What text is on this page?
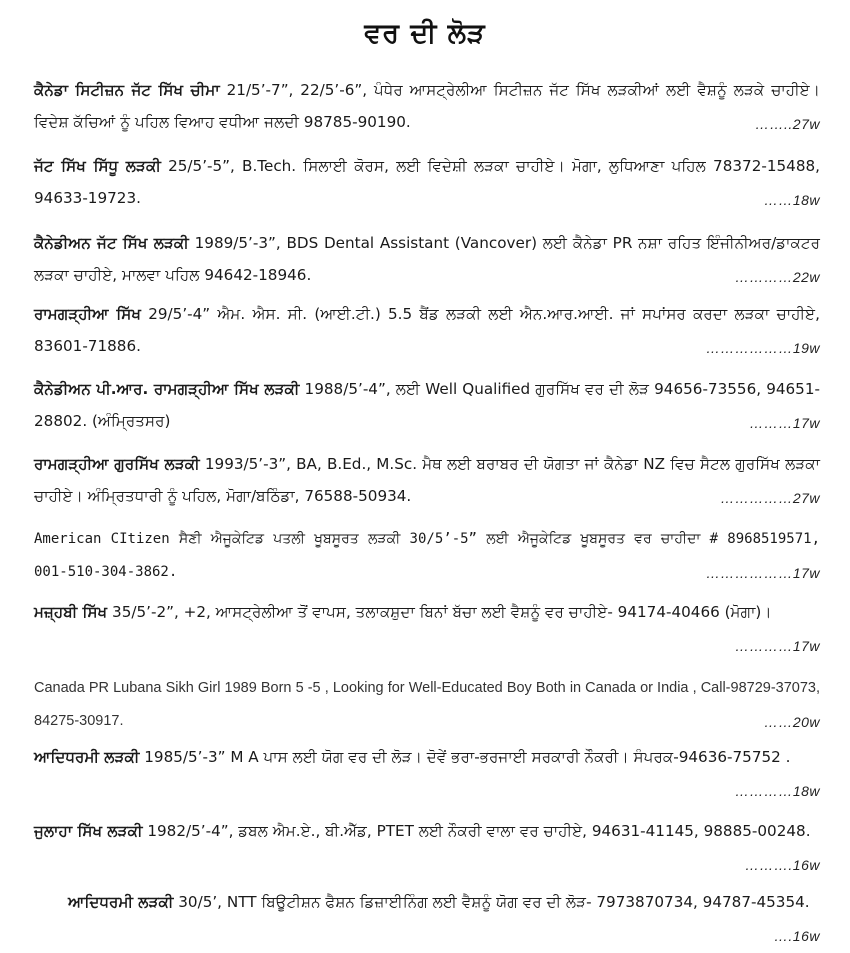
ਵਰ ਦੀ ਲੋੜ
ਕੈਨੇਡਾ ਸਿਟੀਜ਼ਨ ਜੱਟ ਸਿੱਖ ਚੀਮਾ 21/5’-7”, 22/5’-6”, ਪੰਧੇਰ ਆਸਟ੍ਰੇਲੀਆ ਸਿਟੀਜ਼ਨ ਜੱਟ ਸਿੱਖ ਲੜਕੀਆਂ ਲਈ ਵੈਸ਼ਨੂੰ ਲੜਕੇ ਚਾਹੀਏ। ਵਿਦੇਸ਼ ਕੱਚਿਆਂ ਨੂੰ ਪਹਿਲ ਵਿਆਹ ਵਧੀਆ ਜਲਦੀ 98785-90190.	……..27w
ਜੱਟ ਸਿੱਖ ਸਿੱਧੂ ਲੜਕੀ 25/5’-5”, B.Tech. ਸਿਲਾਈ ਕੋਰਸ, ਲਈ ਵਿਦੇਸ਼ੀ ਲੜਕਾ ਚਾਹੀਏ। ਮੋਗਾ, ਲੁਧਿਆਣਾ ਪਹਿਲ 78372-15488, 94633-19723.	……18w
ਕੈਨੇਡੀਅਨ ਜੱਟ ਸਿੱਖ ਲੜਕੀ 1989/5’-3”, BDS Dental Assistant (Vancover) ਲਈ ਕੈਨੇਡਾ PR ਨਸ਼ਾ ਰਹਿਤ ਇੰਜੀਨੀਅਰ/ਡਾਕਟਰ ਲੜਕਾ ਚਾਹੀਏ, ਮਾਲਵਾ ਪਹਿਲ 94642-18946.	…………22w
ਰਾਮਗੜ੍ਹੀਆ ਸਿੱਖ 29/5’-4” ਐਮ. ਐਸ. ਸੀ. (ਆਈ.ਟੀ.) 5.5 ਬੈਂਡ ਲੜਕੀ ਲਈ ਐਨ.ਆਰ.ਆਈ. ਜਾਂ ਸਪਾਂਸਰ ਕਰਦਾ ਲੜਕਾ ਚਾਹੀਏ, 83601-71886.	………………19w
ਕੈਨੇਡੀਅਨ ਪੀ.ਆਰ. ਰਾਮਗੜ੍ਹੀਆ ਸਿੱਖ ਲੜਕੀ 1988/5’-4”, ਲਈ Well Qualified ਗੁਰਸਿੱਖ ਵਰ ਦੀ ਲੋੜ 94656-73556, 94651-28802. (ਅੰਮ੍ਰਿਤਸਰ)	………17w
ਰਾਮਗੜ੍ਹੀਆ ਗੁਰਸਿੱਖ ਲੜਕੀ 1993/5’-3”, BA, B.Ed., M.Sc. ਮੈਥ ਲਈ ਬਰਾਬਰ ਦੀ ਯੋਗਤਾ ਜਾਂ ਕੈਨੇਡਾ NZ ਵਿਚ ਸੈਟਲ ਗੁਰਸਿੱਖ ਲੜਕਾ ਚਾਹੀਏ। ਅੰਮ੍ਰਿਤਧਾਰੀ ਨੂੰ ਪਹਿਲ, ਮੋਗਾ/ਬਠਿੰਡਾ, 76588-50934.	……………27w
American CItizen ਸੈਣੀ ਐਜੂਕੇਟਿਡ ਪਤਲੀ ਖੂਬਸੂਰਤ ਲੜਕੀ 30/5’-5” ਲਈ ਐਜੂਕੇਟਿਡ ਖੂਬਸੂਰਤ ਵਰ ਚਾਹੀਦਾ # 8968519571, 001-510-304-3862.	………………17w
ਮਜ਼੍ਹਬੀ ਸਿੱਖ 35/5’-2”, +2, ਆਸਟ੍ਰੇਲੀਆ ਤੋਂ ਵਾਪਸ, ਤਲਾਕਸ਼ੁਦਾ ਬਿਨਾਂ ਬੱਚਾ ਲਈ ਵੈਸ਼ਨੂੰ ਵਰ ਚਾਹੀਏ- 94174-40466 (ਮੋਗਾ)।
…………17w
Canada PR Lubana Sikh Girl 1989 Born 5 -5 , Looking for Well-Educated Boy Both in Canada or India , Call-98729-37073, 84275-30917.	……20w
ਆਦਿਧਰਮੀ ਲੜਕੀ 1985/5’-3” M A ਪਾਸ ਲਈ ਯੋਗ ਵਰ ਦੀ ਲੋੜ। ਦੋਵੇਂ ਭਰਾ-ਭਰਜਾਈ ਸਰਕਾਰੀ ਨੌਕਰੀ। ਸੰਪਰਕ-94636-75752 .
…………18w
ਜੁਲਾਹਾ ਸਿੱਖ ਲੜਕੀ 1982/5’-4”, ਡਬਲ ਐਮ.ਏ., ਬੀ.ਐੱਡ, PTET ਲਈ ਨੌਕਰੀ ਵਾਲਾ ਵਰ ਚਾਹੀਏ, 94631-41145, 98885-00248.
……….16w
ਆਦਿਧਰਮੀ ਲੜਕੀ 30/5’, NTT ਬਿਊਟੀਸ਼ਨ ਫੈਸ਼ਨ ਡਿਜ਼ਾਈਨਿੰਗ ਲਈ ਵੈਸ਼ਨੂੰ ਯੋਗ ਵਰ ਦੀ ਲੋੜ- 7973870734, 94787-45354.
….16w
